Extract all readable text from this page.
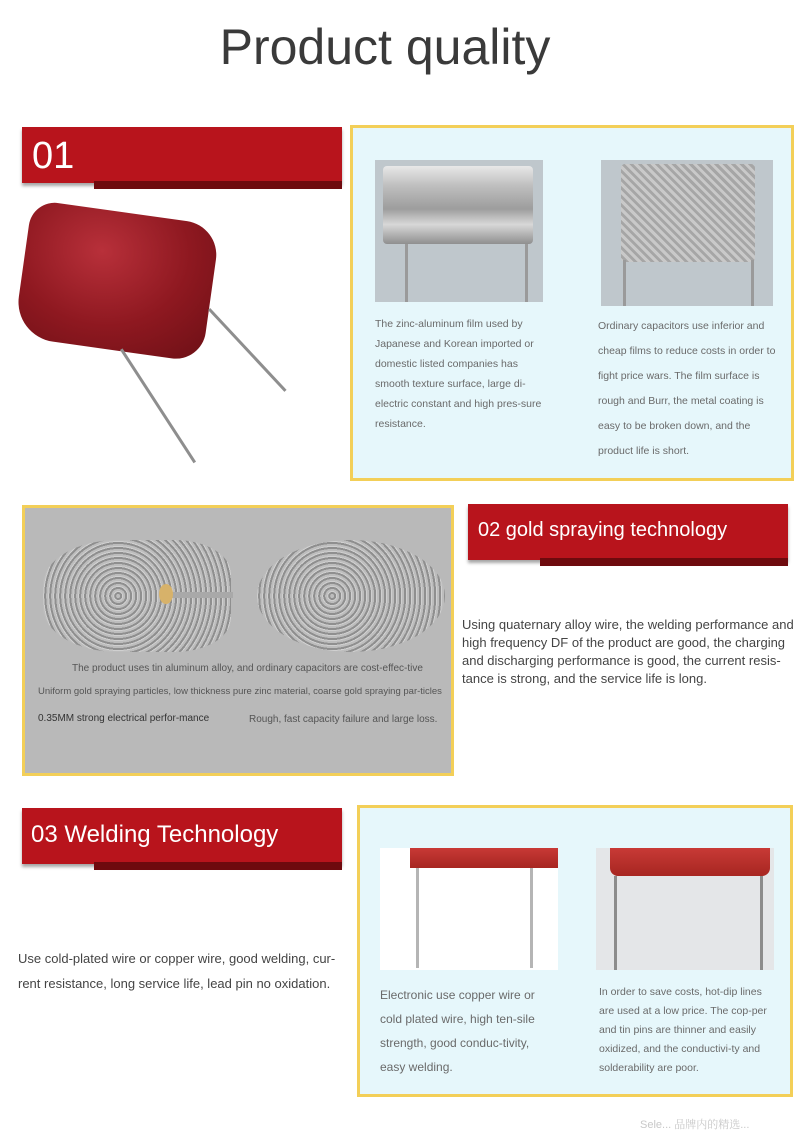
Product quality
01
The zinc-aluminum film used by Japanese and Korean imported or domestic listed companies has smooth texture surface, large di-electric constant and high pres-sure resistance.
Ordinary capacitors use inferior and cheap films to reduce costs in order to fight price wars. The film surface is rough and Burr, the metal coating is easy to be broken down, and the product life is short.
The product uses tin aluminum alloy, and ordinary capacitors are cost-effec-tive
Uniform gold spraying particles, low thickness pure zinc material, coarse gold spraying par-ticles
0.35MM strong electrical perfor-mance	Rough, fast capacity failure and large loss.
02 gold spraying technology
Using quaternary alloy wire, the welding performance and high frequency DF of the product are good, the charging and discharging performance is good, the current resis-tance is strong, and the service life is long.
03 Welding Technology
Use cold-plated wire or copper wire, good welding, cur-rent resistance, long service life, lead pin no oxidation.
Electronic use copper wire or cold plated wire, high ten-sile strength, good conduc-tivity, easy welding.
In order to save costs, hot-dip lines are used at a low price. The cop-per and tin pins are thinner and easily oxidized, and the conductivi-ty and solderability are poor.
Sele... 品牌内的精选...
